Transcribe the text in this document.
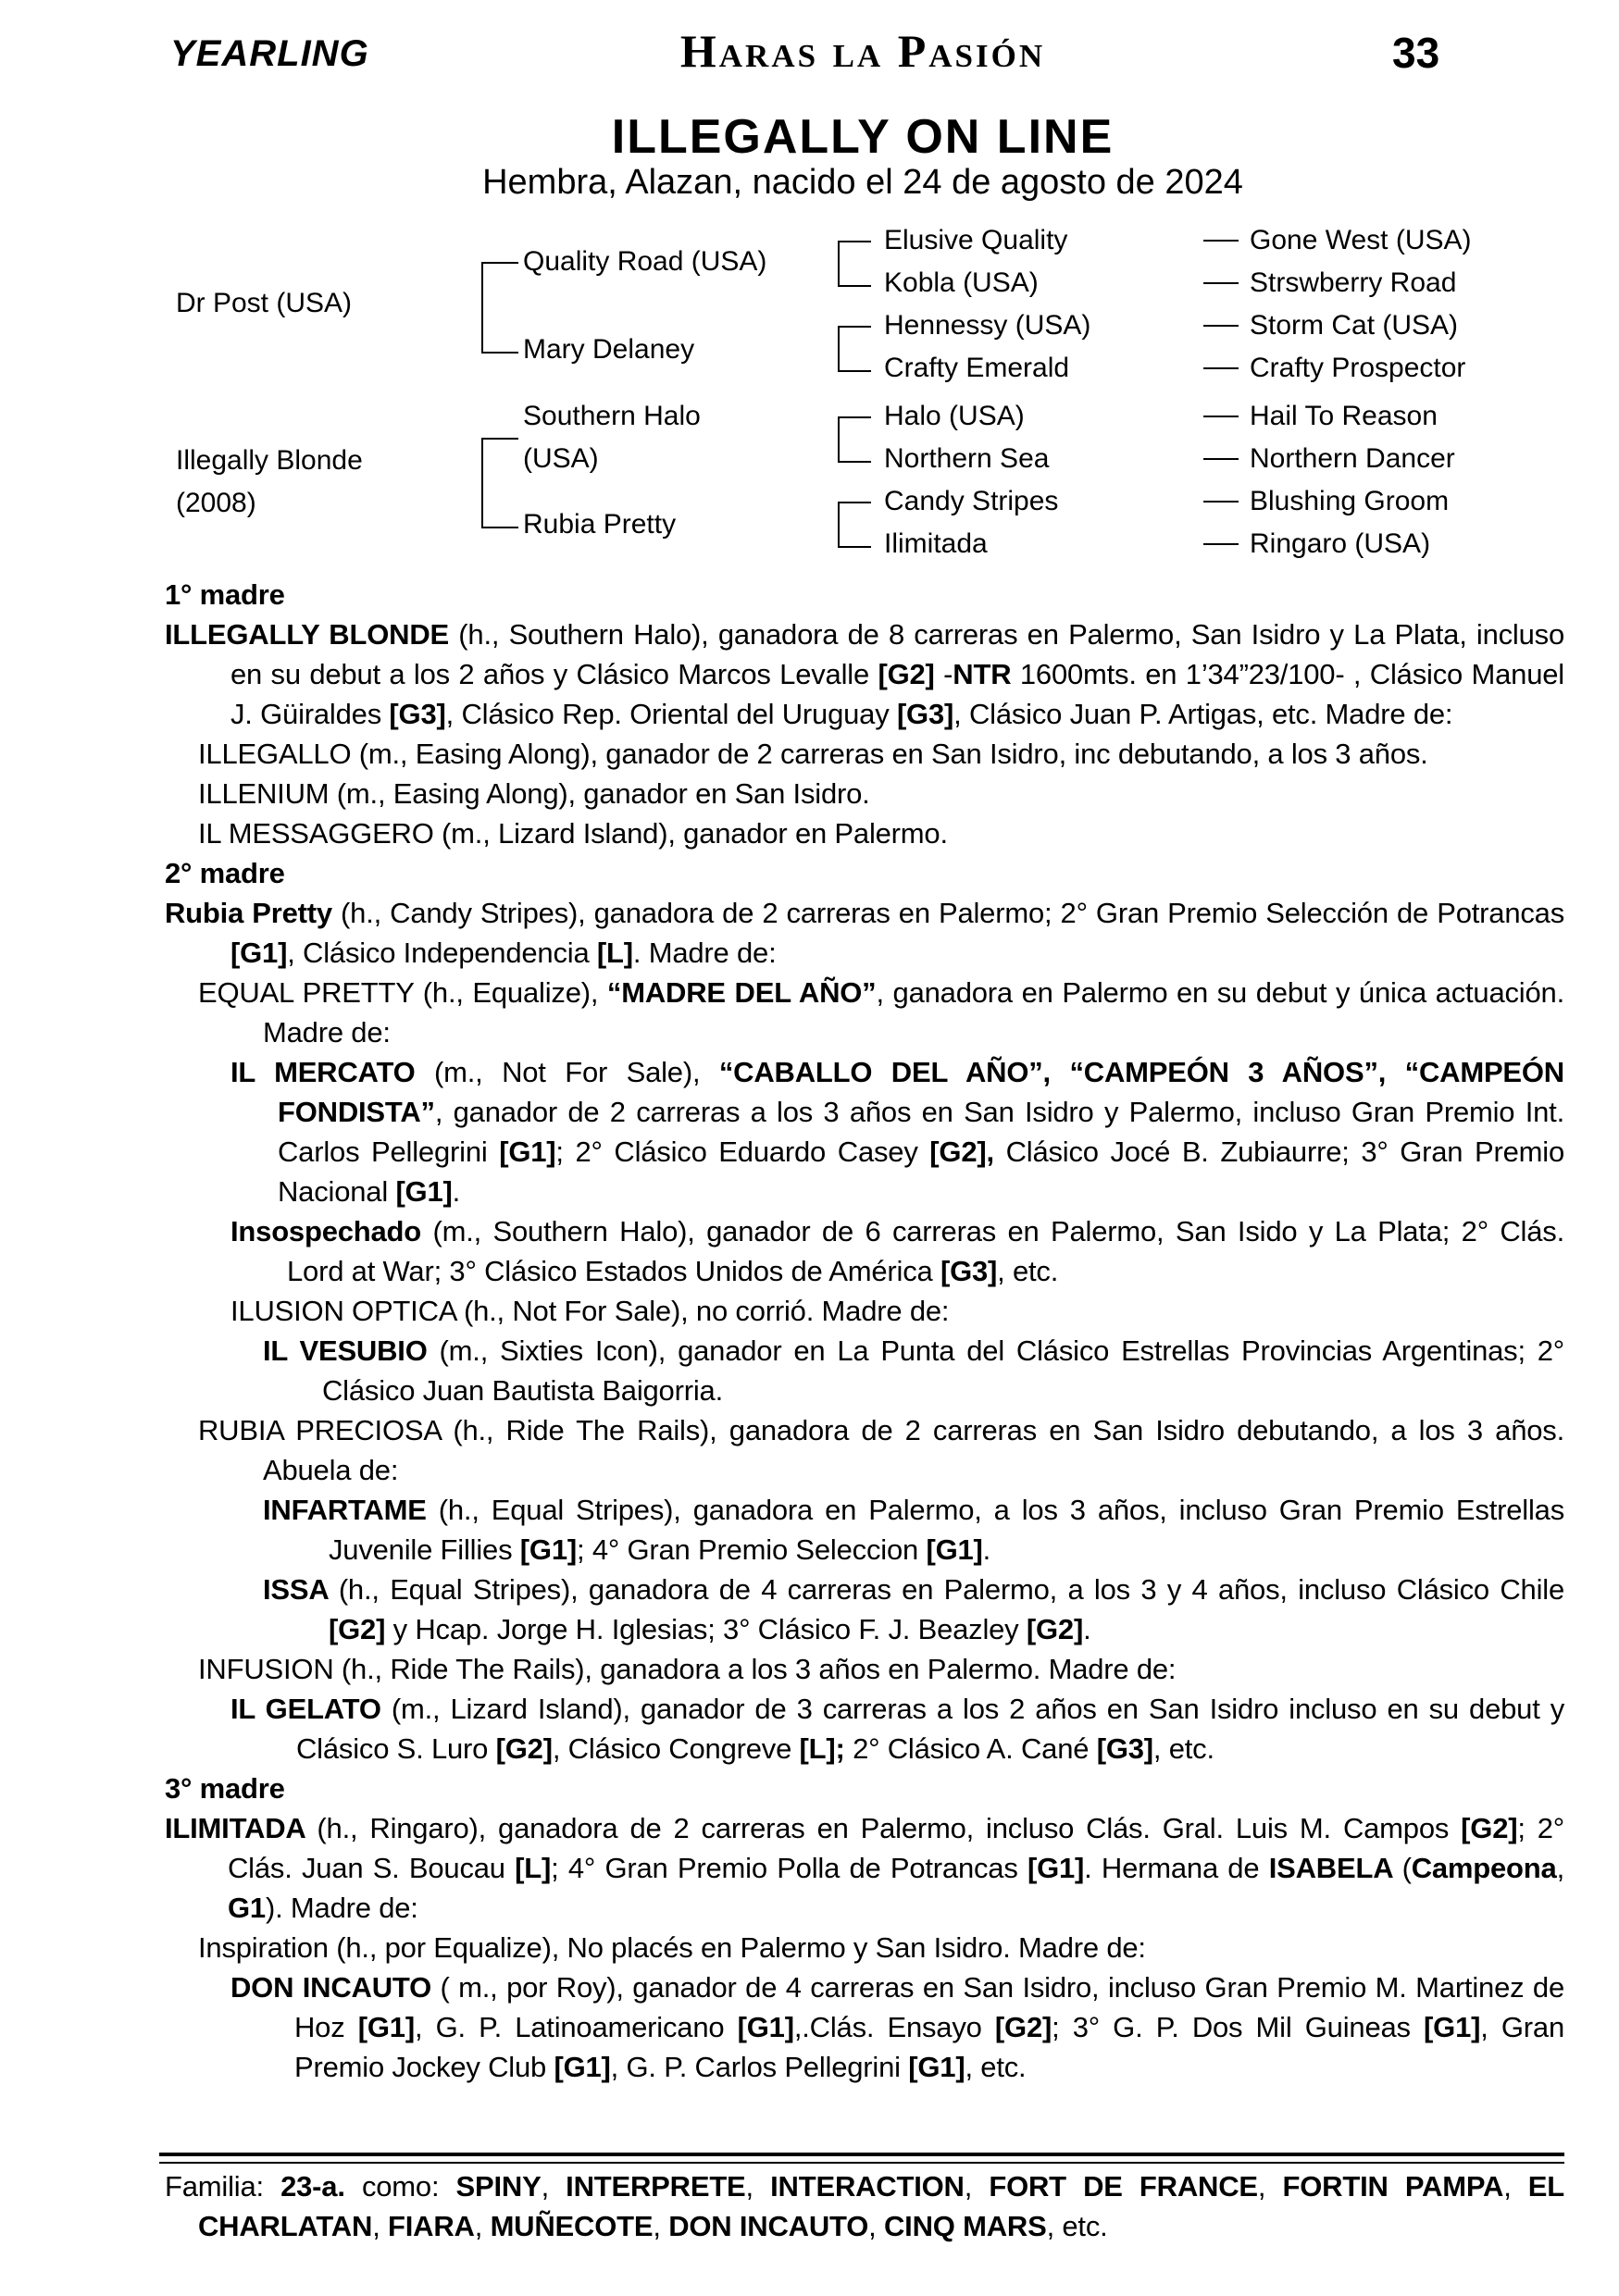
YEARLING	Haras la Pasión	33
ILLEGALLY ON LINE
Hembra, Alazan, nacido el 24 de agosto de 2024
Dr Post (USA)
Illegally Blonde (2008)
Quality Road (USA)
Mary Delaney
Southern Halo (USA)
Rubia Pretty
Elusive Quality
Kobla (USA)
Hennessy (USA)
Crafty Emerald
Halo (USA)
Northern Sea
Candy Stripes
Ilimitada
Gone West (USA)
Strswberry Road
Storm Cat (USA)
Crafty Prospector
Hail To Reason
Northern Dancer
Blushing Groom
Ringaro (USA)
1° madre
ILLEGALLY BLONDE (h., Southern Halo), ganadora de 8 carreras en Palermo, San Isidro y La Plata, incluso en su debut a los 2 años y Clásico Marcos Levalle [G2] -NTR 1600mts. en 1’34”23/100- , Clásico Manuel J. Güiraldes [G3], Clásico Rep. Oriental del Uruguay [G3], Clásico Juan P. Artigas, etc. Madre de:
ILLEGALLO (m., Easing Along), ganador de 2 carreras en San Isidro, inc debutando, a los 3 años.
ILLENIUM (m., Easing Along), ganador en San Isidro.
IL MESSAGGERO (m., Lizard Island), ganador en Palermo.
2° madre
Rubia Pretty (h., Candy Stripes), ganadora de 2 carreras en Palermo; 2° Gran Premio Selección de Potrancas [G1], Clásico Independencia [L]. Madre de:
EQUAL PRETTY (h., Equalize), “MADRE DEL AÑO”, ganadora en Palermo en su debut y única actuación. Madre de:
IL MERCATO (m., Not For Sale), “CABALLO DEL AÑO”, “CAMPEÓN 3 AÑOS”, “CAMPEÓN FONDISTA”, ganador de 2 carreras a los 3 años en San Isidro y Palermo, incluso Gran Premio Int. Carlos Pellegrini [G1]; 2° Clásico Eduardo Casey [G2], Clásico Jocé B. Zubiaurre; 3° Gran Premio Nacional [G1].
Insospechado (m., Southern Halo), ganador de 6 carreras en Palermo, San Isido y La Plata; 2° Clás. Lord at War; 3° Clásico Estados Unidos de América [G3], etc.
ILUSION OPTICA (h., Not For Sale), no corrió. Madre de:
IL VESUBIO (m., Sixties Icon), ganador en La Punta del Clásico Estrellas Provincias Argentinas; 2° Clásico Juan Bautista Baigorria.
RUBIA PRECIOSA (h., Ride The Rails), ganadora de 2 carreras en San Isidro debutando, a los 3 años. Abuela de:
INFARTAME (h., Equal Stripes), ganadora en Palermo, a los 3 años, incluso Gran Premio Estrellas Juvenile Fillies [G1]; 4° Gran Premio Seleccion [G1].
ISSA (h., Equal Stripes), ganadora de 4 carreras en Palermo, a los 3 y 4 años, incluso Clásico Chile [G2] y Hcap. Jorge H. Iglesias; 3° Clásico F. J. Beazley [G2].
INFUSION (h., Ride The Rails), ganadora a los 3 años en Palermo. Madre de:
IL GELATO (m., Lizard Island), ganador de 3 carreras a los 2 años en San Isidro incluso en su debut y Clásico S. Luro [G2], Clásico Congreve [L]; 2° Clásico A. Cané [G3], etc.
3° madre
ILIMITADA (h., Ringaro), ganadora de 2 carreras en Palermo, incluso Clás. Gral. Luis M. Campos [G2]; 2° Clás. Juan S. Boucau [L]; 4° Gran Premio Polla de Potrancas [G1]. Hermana de ISABELA (Campeona, G1). Madre de:
Inspiration (h., por Equalize), No placés en Palermo y San Isidro. Madre de:
DON INCAUTO ( m., por Roy), ganador de 4 carreras en San Isidro, incluso Gran Premio M. Martinez de Hoz [G1], G. P. Latinoamericano [G1],.Clás. Ensayo [G2]; 3° G. P. Dos Mil Guineas [G1], Gran Premio Jockey Club [G1], G. P. Carlos Pellegrini [G1], etc.
Familia: 23-a. como: SPINY, INTERPRETE, INTERACTION, FORT DE FRANCE, FORTIN PAMPA, EL CHARLATAN, FIARA, MUÑECOTE, DON INCAUTO, CINQ MARS, etc.
